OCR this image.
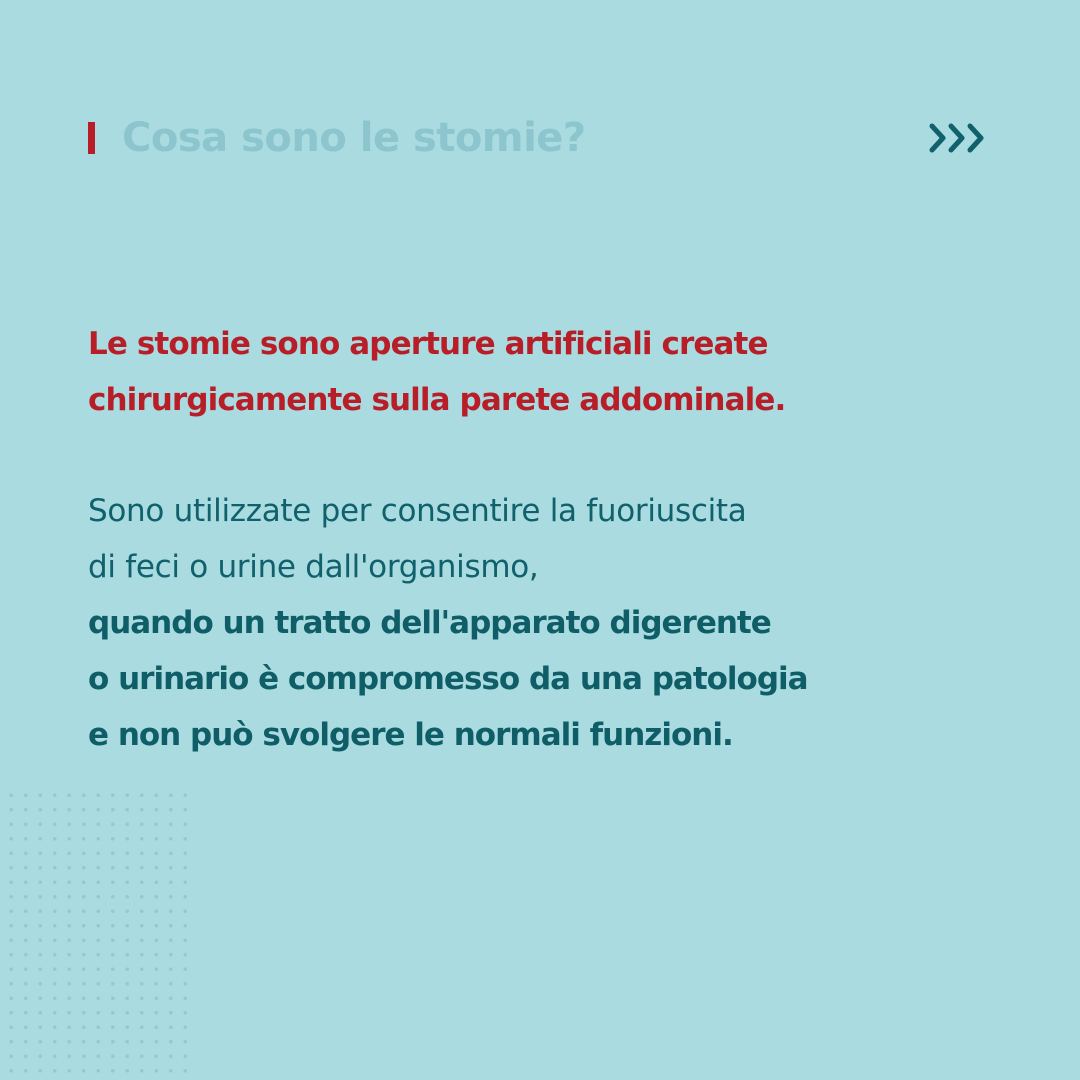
Cosa sono le stomie?

Le stomie sono aperture artificiali create
chirurgicamente sulla parete addominale.

Sono utilizzate per consentire la fuoriuscita
di feci o urine dall'organismo,
quando un tratto dell'apparato digerente
o urinario è compromesso da una patologia
e non può svolgere le normali funzioni.
